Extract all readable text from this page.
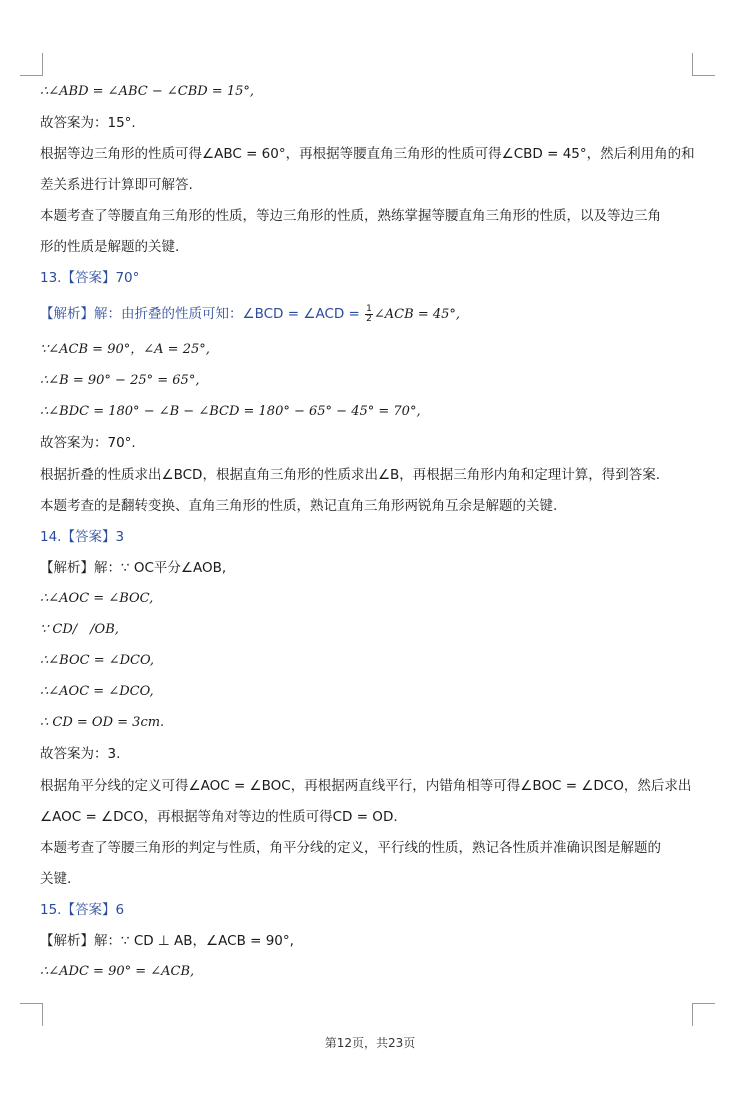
∴∠ABD = ∠ABC − ∠CBD = 15°,
故答案为：15°.
根据等边三角形的性质可得∠ABC = 60°，再根据等腰直角三角形的性质可得∠CBD = 45°，然后利用角的和
差关系进行计算即可解答.
本题考查了等腰直角三角形的性质，等边三角形的性质，熟练掌握等腰直角三角形的性质，以及等边三角
形的性质是解题的关键.
13.【答案】70°
【解析】解：由折叠的性质可知：∠BCD = ∠ACD = $\frac{1}{2}$ ∠ACB = 45°,
∵∠ACB = 90°，∠A = 25°,
∴∠B = 90° − 25° = 65°,
∴∠BDC = 180° − ∠B − ∠BCD = 180° − 65° − 45° = 70°,
故答案为：70°.
根据折叠的性质求出∠BCD，根据直角三角形的性质求出∠B，再根据三角形内角和定理计算，得到答案.
本题考查的是翻转变换、直角三角形的性质，熟记直角三角形两锐角互余是解题的关键.
14.【答案】3
【解析】解：∵ OC平分∠AOB,
∴∠AOC = ∠BOC,
∵ CD/　/OB,
∴∠BOC = ∠DCO,
∴∠AOC = ∠DCO,
∴ CD = OD = 3cm.
故答案为：3.
根据角平分线的定义可得∠AOC = ∠BOC，再根据两直线平行，内错角相等可得∠BOC = ∠DCO，然后求出
∠AOC = ∠DCO，再根据等角对等边的性质可得CD = OD.
本题考查了等腰三角形的判定与性质，角平分线的定义，平行线的性质，熟记各性质并准确识图是解题的
关键.
15.【答案】6
【解析】解：∵ CD ⊥ AB，∠ACB = 90°,
∴∠ADC = 90° = ∠ACB,
第12页，共23页
